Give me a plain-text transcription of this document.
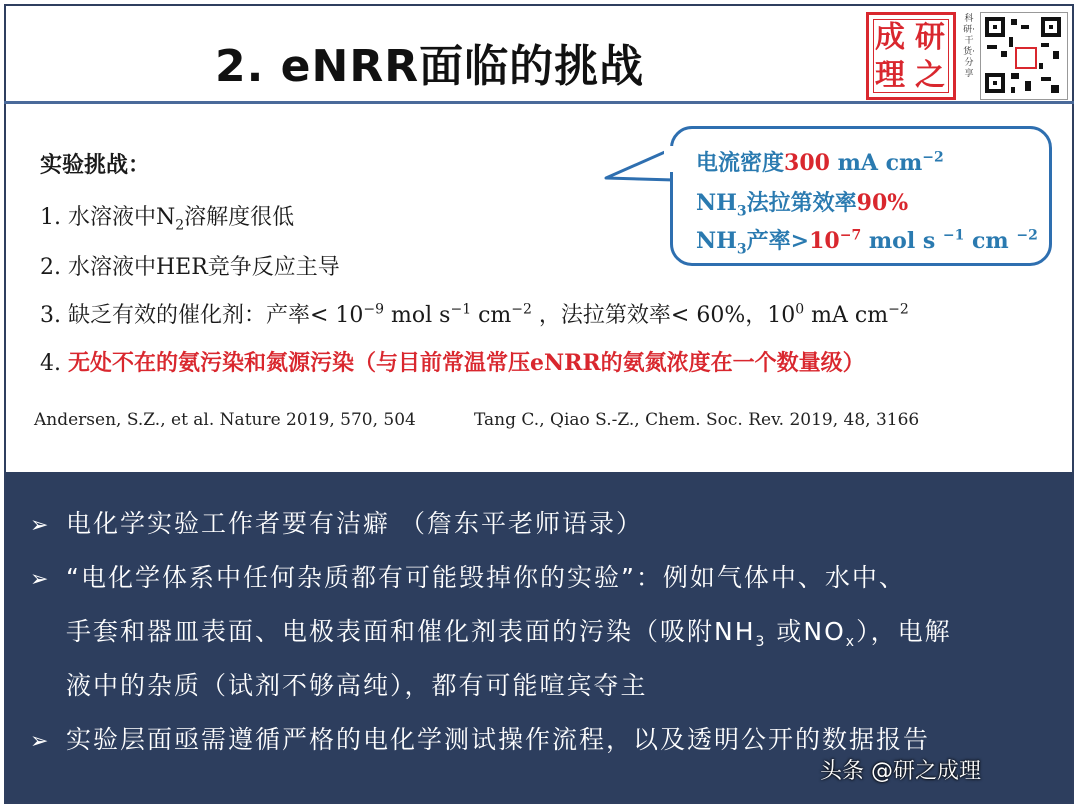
2. eNRR面临的挑战
成 研
理 之
科研·干货·分享
实验挑战：
1. 水溶液中$N_2$溶解度很低
2. 水溶液中HER竞争反应主导
3. 缺乏有效的催化剂：产率< $10^{-9}$ mol $s^{-1}$ $cm^{-2}$ ，法拉第效率< 60%，$10^0$ mA $cm^{-2}$
4. 无处不在的氨污染和氮源污染（与目前常温常压eNRR的氨氮浓度在一个数量级）
Andersen, S.Z., et al. Nature 2019, 570, 504	Tang C., Qiao S.-Z., Chem. Soc. Rev. 2019, 48, 3166
电流密度300 mA $cm^{-2}$
$NH_3$法拉第效率90%
$NH_3$产率$>10^{-7}$ mol s $^{-1}$ cm $^{-2}$
➢ 电化学实验工作者要有洁癖 （詹东平老师语录）
➢ “电化学体系中任何杂质都有可能毁掉你的实验”：例如气体中、水中、
手套和器皿表面、电极表面和催化剂表面的污染（吸附$NH_3$ 或$NO_x$），电解
液中的杂质（试剂不够高纯），都有可能喧宾夺主
➢ 实验层面亟需遵循严格的电化学测试操作流程，以及透明公开的数据报告
头条 @研之成理
